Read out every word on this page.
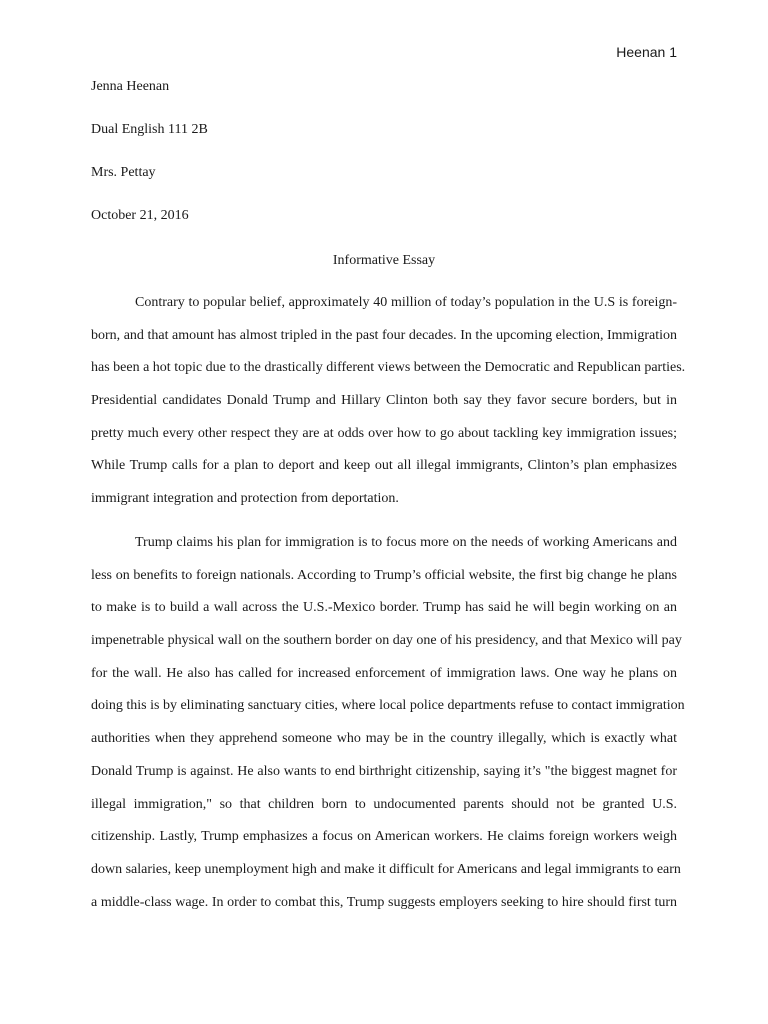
Heenan 1
Jenna Heenan
Dual English 111 2B
Mrs. Pettay
October 21, 2016
Informative Essay
Contrary to popular belief, approximately 40 million of today’s population in the U.S is foreign-
born, and that amount has almost tripled in the past four decades. In the upcoming election, Immigration
has been a hot topic due to the drastically different views between the Democratic and Republican parties.
Presidential candidates Donald Trump and Hillary Clinton both say they favor secure borders, but in
pretty much every other respect they are at odds over how to go about tackling key immigration issues;
While Trump calls for a plan to deport and keep out all illegal immigrants, Clinton’s plan emphasizes
immigrant integration and protection from deportation.
Trump claims his plan for immigration is to focus more on the needs of working Americans and
less on benefits to foreign nationals. According to Trump’s official website, the first big change he plans
to make is to build a wall across the U.S.-Mexico border. Trump has said he will begin working on an
impenetrable physical wall on the southern border on day one of his presidency, and that Mexico will pay
for the wall. He also has called for increased enforcement of immigration laws. One way he plans on
doing this is by eliminating sanctuary cities, where local police departments refuse to contact immigration
authorities when they apprehend someone who may be in the country illegally, which is exactly what
Donald Trump is against. He also wants to end birthright citizenship, saying it’s "the biggest magnet for
illegal immigration," so that children born to undocumented parents should not be granted U.S.
citizenship. Lastly, Trump emphasizes a focus on American workers. He claims foreign workers weigh
down salaries, keep unemployment high and make it difficult for Americans and legal immigrants to earn
a middle-class wage. In order to combat this, Trump suggests employers seeking to hire should first turn
